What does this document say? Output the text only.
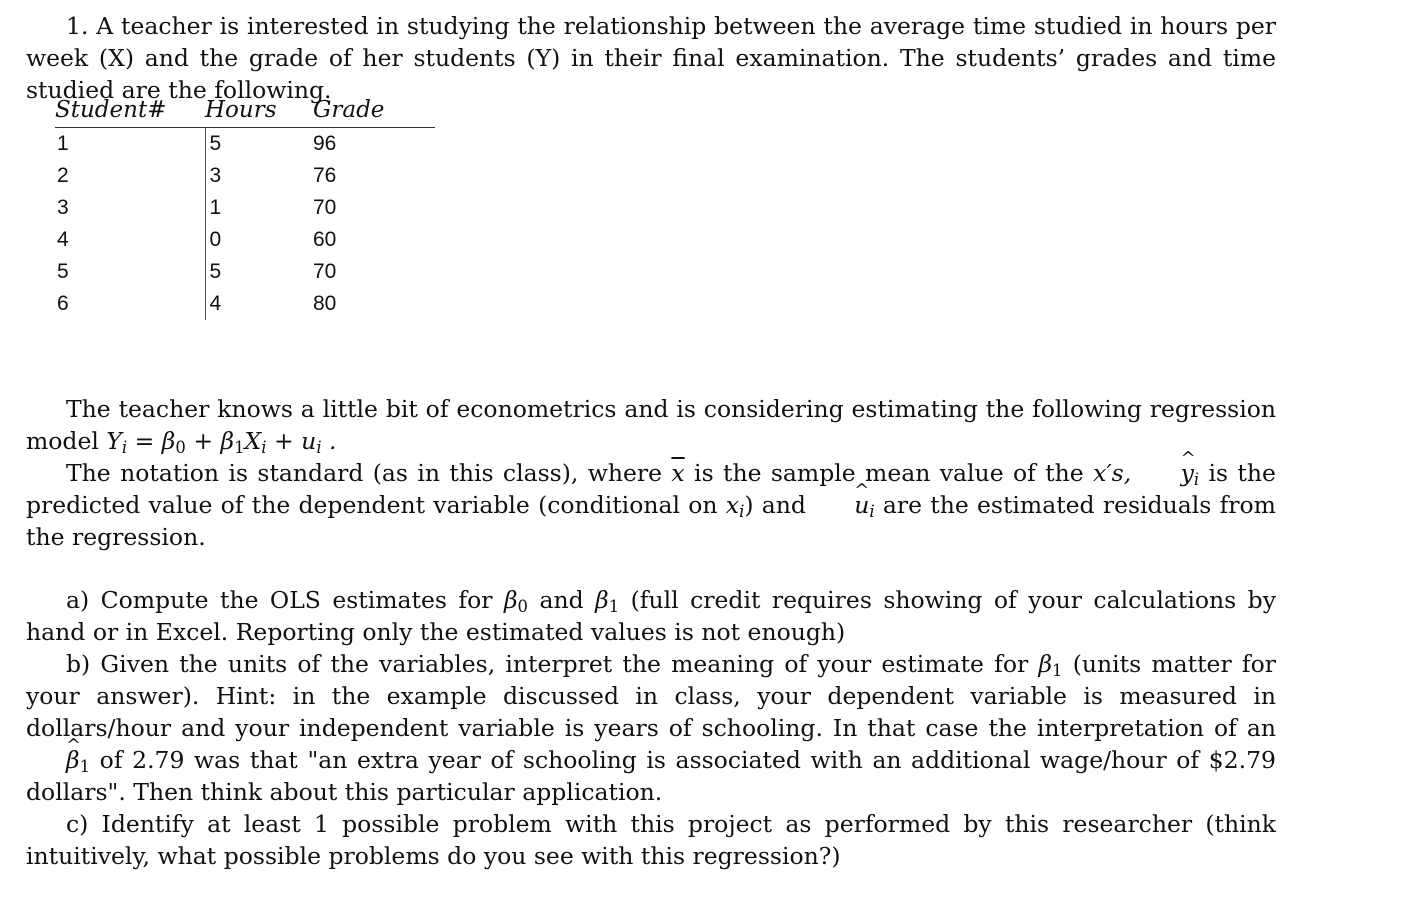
1. A teacher is interested in studying the relationship between the average time studied in hours per week (X) and the grade of her students (Y) in their final examination. The students’ grades and time studied are the following.

Student#	Hours	Grade
1	5	96
2	3	76
3	1	70
4	0	60
5	5	70
6	4	80

The teacher knows a little bit of econometrics and is considering estimating the following regression model $Y_i = \beta_0 + \beta_1X_i + u_i$ .

The notation is standard (as in this class), where $\overline{x}$ is the sample mean value of the x′s, ^ $y_i$ is the predicted value of the dependent variable (conditional on $x_i$) and ^ $u_i$ are the estimated residuals from the regression.

a) Compute the OLS estimates for $\beta_0$ and $\beta_1$ (full credit requires showing of your calculations by hand or in Excel. Reporting only the estimated values is not enough)

b) Given the units of the variables, interpret the meaning of your estimate for $\beta_1$ (units matter for your answer). Hint: in the example discussed in class, your dependent variable is measured in dollars/hour and your independent variable is years of schooling. In that case the interpretation of an ^ $\beta_1$ of 2.79 was that "an extra year of schooling is associated with an additional wage/hour of $2.79 dollars". Then think about this particular application.

c) Identify at least 1 possible problem with this project as performed by this researcher (think intuitively, what possible problems do you see with this regression?)
